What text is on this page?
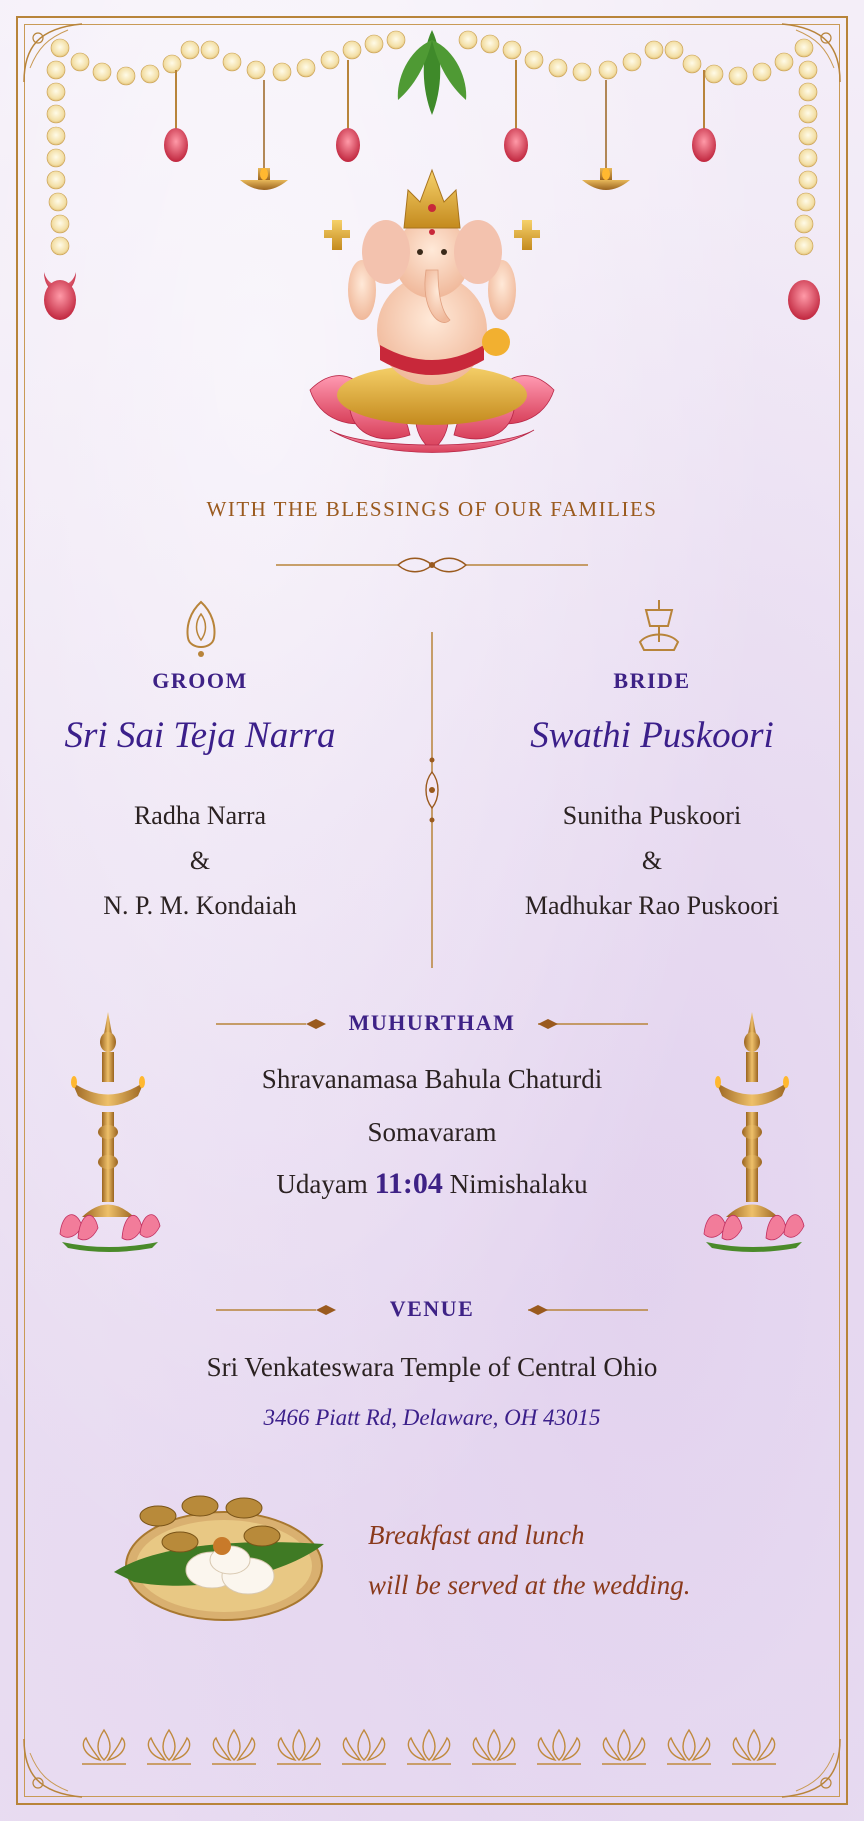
WITH THE BLESSINGS OF OUR FAMILIES
GROOM
Sri Sai Teja Narra
Radha Narra
&
N. P. M. Kondaiah
BRIDE
Swathi Puskoori
Sunitha Puskoori
&
Madhukar Rao Puskoori
MUHURTHAM
Shravanamasa Bahula Chaturdi
Somavaram
Udayam 11:04 Nimishalaku
VENUE
Sri Venkateswara Temple of Central Ohio
3466 Piatt Rd, Delaware, OH 43015
Breakfast and lunch
will be served at the wedding.
